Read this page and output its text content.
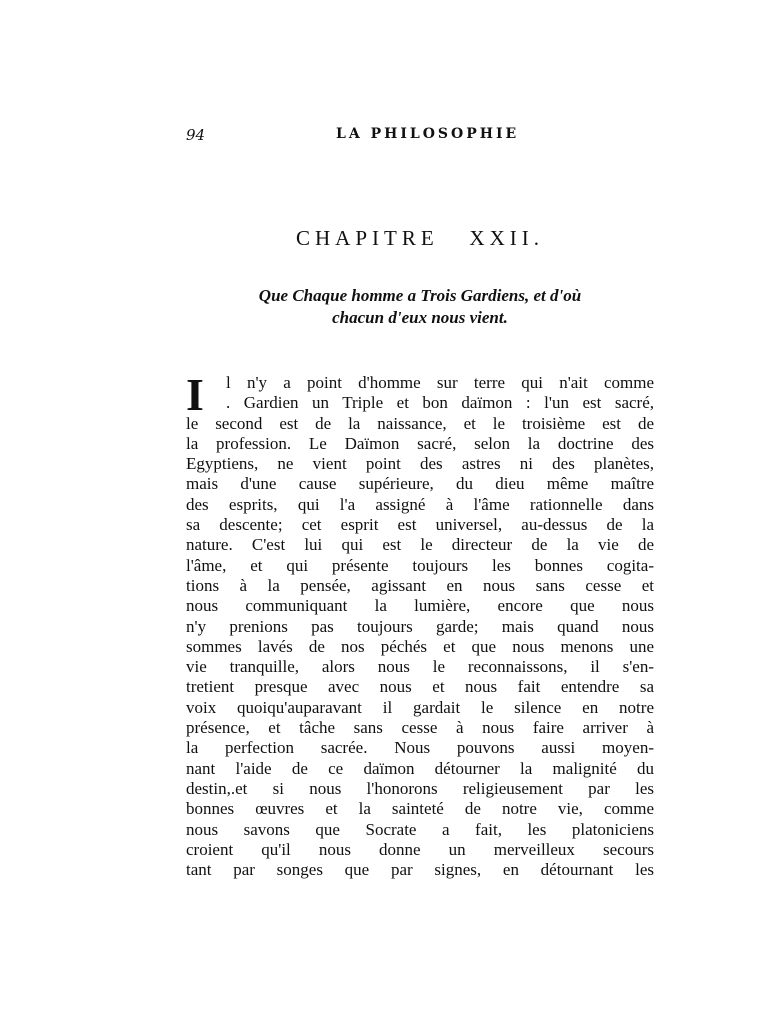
94	LA PHILOSOPHIE
CHAPITRE   XXII.
Que Chaque homme a Trois Gardiens, et d'où
chacun d'eux nous vient.
I	l n'y a point d'homme sur terre qui n'ait comme
. Gardien un Triple et bon daïmon : l'un est sacré,
le second est de la naissance, et le troisième est de
la profession. Le Daïmon sacré, selon la doctrine des
Egyptiens, ne vient point des astres ni des planètes,
mais d'une cause supérieure, du dieu même maître
des esprits, qui l'a assigné à l'âme rationnelle dans
sa descente; cet esprit est universel, au-dessus de la
nature. C'est lui qui est le directeur de la vie de
l'âme, et qui présente toujours les bonnes cogita-
tions à la pensée, agissant en nous sans cesse et
nous communiquant la lumière, encore que nous
n'y prenions pas toujours garde; mais quand nous
sommes lavés de nos péchés et que nous menons une
vie tranquille, alors nous le reconnaissons, il s'en-
tretient presque avec nous et nous fait entendre sa
voix quoiqu'auparavant il gardait le silence en notre
présence, et tâche sans cesse à nous faire arriver à
la perfection sacrée. Nous pouvons aussi moyen-
nant l'aide de ce daïmon détourner la malignité du
destin,.et si nous l'honorons religieusement par les
bonnes œuvres et la sainteté de notre vie, comme
nous savons que Socrate a fait, les platoniciens
croient qu'il nous donne un merveilleux secours
tant par songes que par signes, en détournant les
